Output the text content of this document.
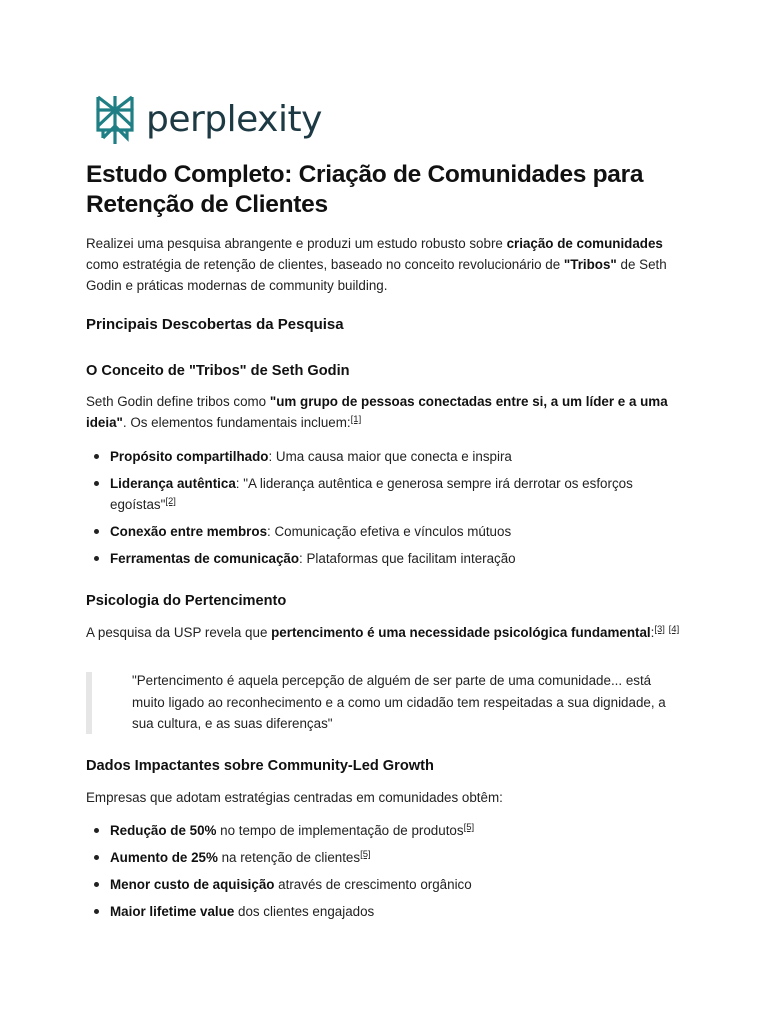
perplexity
Estudo Completo: Criação de Comunidades para Retenção de Clientes

Realizei uma pesquisa abrangente e produzi um estudo robusto sobre criação de comunidades como estratégia de retenção de clientes, baseado no conceito revolucionário de "Tribos" de Seth Godin e práticas modernas de community building.

Principais Descobertas da Pesquisa
O Conceito de "Tribos" de Seth Godin

Seth Godin define tribos como "um grupo de pessoas conectadas entre si, a um líder e a uma ideia". Os elementos fundamentais incluem:[1]

Propósito compartilhado: Uma causa maior que conecta e inspira
Liderança autêntica: "A liderança autêntica e generosa sempre irá derrotar os esforços egoístas"[2]
Conexão entre membros: Comunicação efetiva e vínculos mútuos
Ferramentas de comunicação: Plataformas que facilitam interação
Psicologia do Pertencimento

A pesquisa da USP revela que pertencimento é uma necessidade psicológica fundamental:[3] [4]

"Pertencimento é aquela percepção de alguém de ser parte de uma comunidade... está muito ligado ao reconhecimento e a como um cidadão tem respeitadas a sua dignidade, a sua cultura, e as suas diferenças"

Dados Impactantes sobre Community-Led Growth

Empresas que adotam estratégias centradas em comunidades obtêm:

Redução de 50% no tempo de implementação de produtos[5]
Aumento de 25% na retenção de clientes[5]
Menor custo de aquisição através de crescimento orgânico
Maior lifetime value dos clientes engajados
